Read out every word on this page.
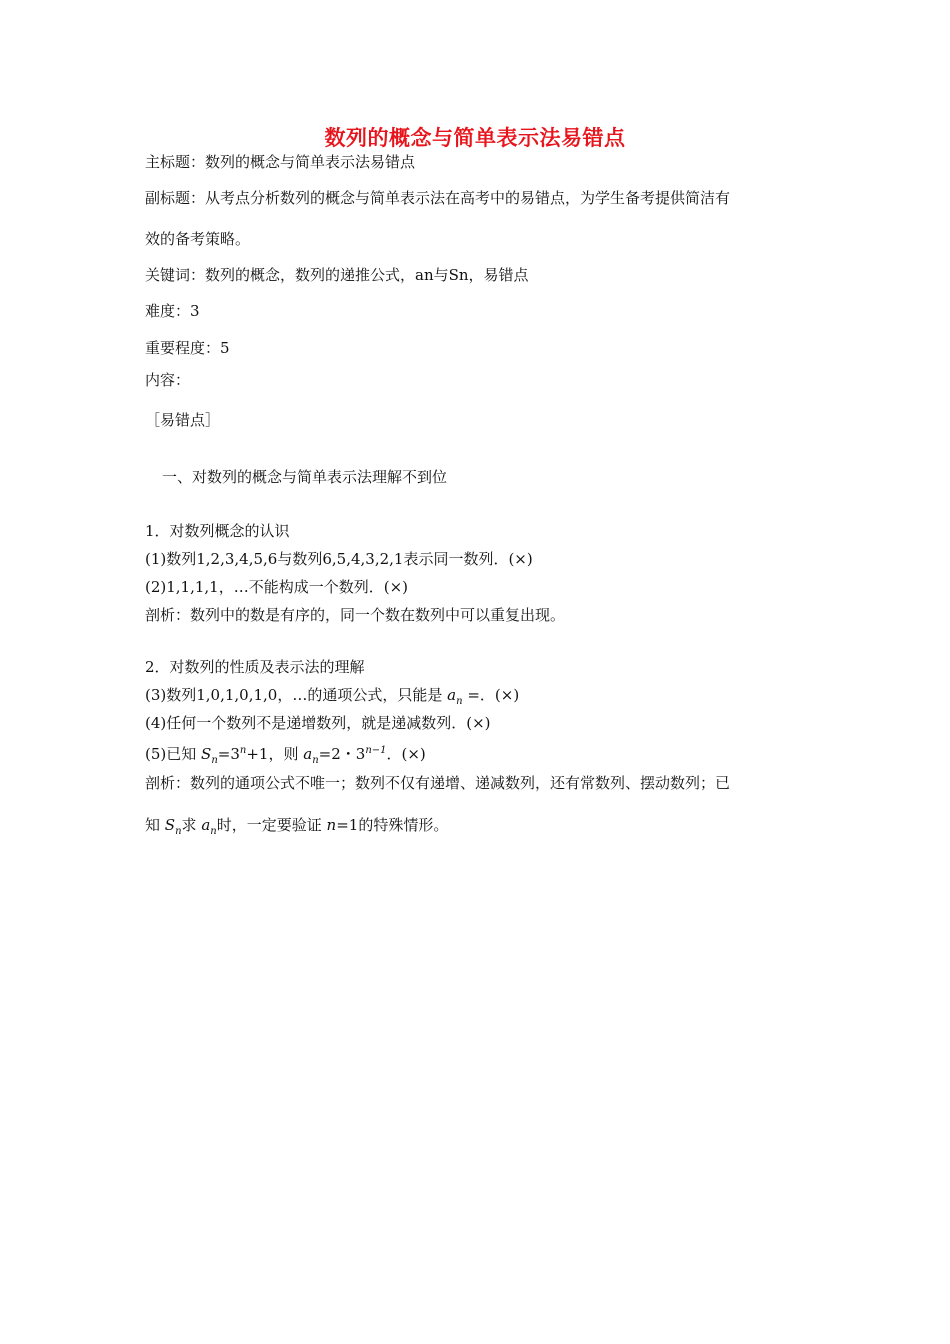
数列的概念与简单表示法易错点
主标题：数列的概念与简单表示法易错点
副标题：从考点分析数列的概念与简单表示法在高考中的易错点，为学生备考提供简洁有
效的备考策略。
关键词：数列的概念，数列的递推公式，an与Sn，易错点
难度：3
重要程度：5
内容：
［易错点］
一、对数列的概念与简单表示法理解不到位
1．对数列概念的认识
(1)数列1,2,3,4,5,6与数列6,5,4,3,2,1表示同一数列．(×)
(2)1,1,1,1，…不能构成一个数列．(×)
剖析：数列中的数是有序的，同一个数在数列中可以重复出现。
2．对数列的性质及表示法的理解
(3)数列1,0,1,0,1,0，…的通项公式，只能是 $a_n$ =．(×)
(4)任何一个数列不是递增数列，就是递减数列．(×)
(5)已知 $S_n=3^n+1$，则 $a_n=2$・$3^{n-1}$．(×)
剖析：数列的通项公式不唯一；数列不仅有递增、递减数列，还有常数列、摆动数列；已
知 $S_n$求 $a_n$时，一定要验证 n=1的特殊情形。
